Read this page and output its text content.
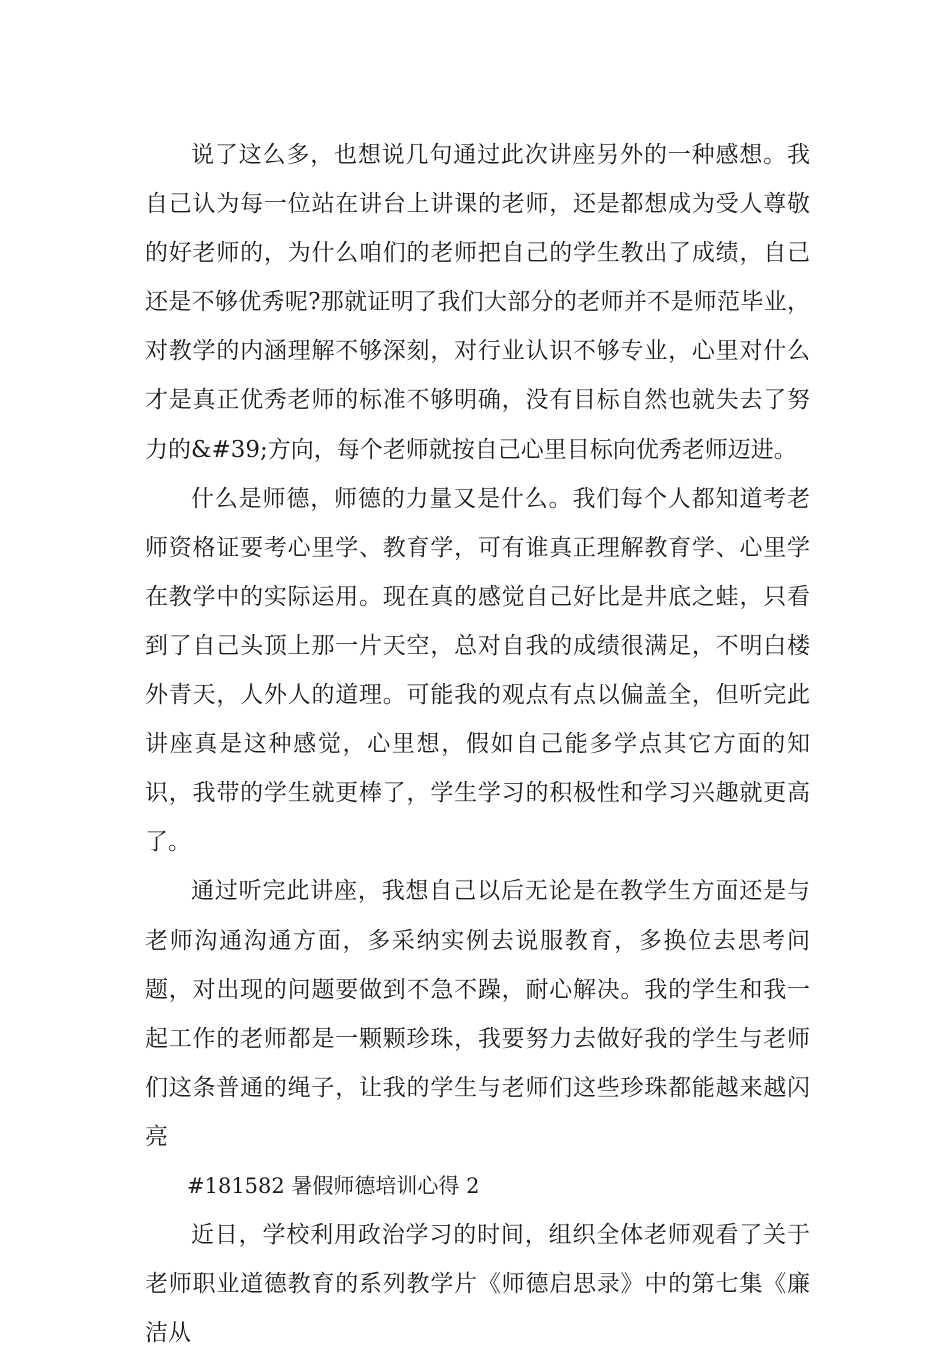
说了这么多，也想说几句通过此次讲座另外的一种感想。我自己认为每一位站在讲台上讲课的老师，还是都想成为受人尊敬的好老师的，为什么咱们的老师把自己的学生教出了成绩，自己还是不够优秀呢?那就证明了我们大部分的老师并不是师范毕业，对教学的内涵理解不够深刻，对行业认识不够专业，心里对什么才是真正优秀老师的标准不够明确，没有目标自然也就失去了努力的&#39;方向，每个老师就按自己心里目标向优秀老师迈进。

什么是师德，师德的力量又是什么。我们每个人都知道考老师资格证要考心里学、教育学，可有谁真正理解教育学、心里学在教学中的实际运用。现在真的感觉自己好比是井底之蛙，只看到了自己头顶上那一片天空，总对自我的成绩很满足，不明白楼外青天，人外人的道理。可能我的观点有点以偏盖全，但听完此讲座真是这种感觉，心里想，假如自己能多学点其它方面的知识，我带的学生就更棒了，学生学习的积极性和学习兴趣就更高了。

通过听完此讲座，我想自己以后无论是在教学生方面还是与老师沟通沟通方面，多采纳实例去说服教育，多换位去思考问题，对出现的问题要做到不急不躁，耐心解决。我的学生和我一起工作的老师都是一颗颗珍珠，我要努力去做好我的学生与老师们这条普通的绳子，让我的学生与老师们这些珍珠都能越来越闪亮

#181582 暑假师德培训心得 2

近日，学校利用政治学习的时间，组织全体老师观看了关于老师职业道德教育的系列教学片《师德启思录》中的第七集《廉洁从
